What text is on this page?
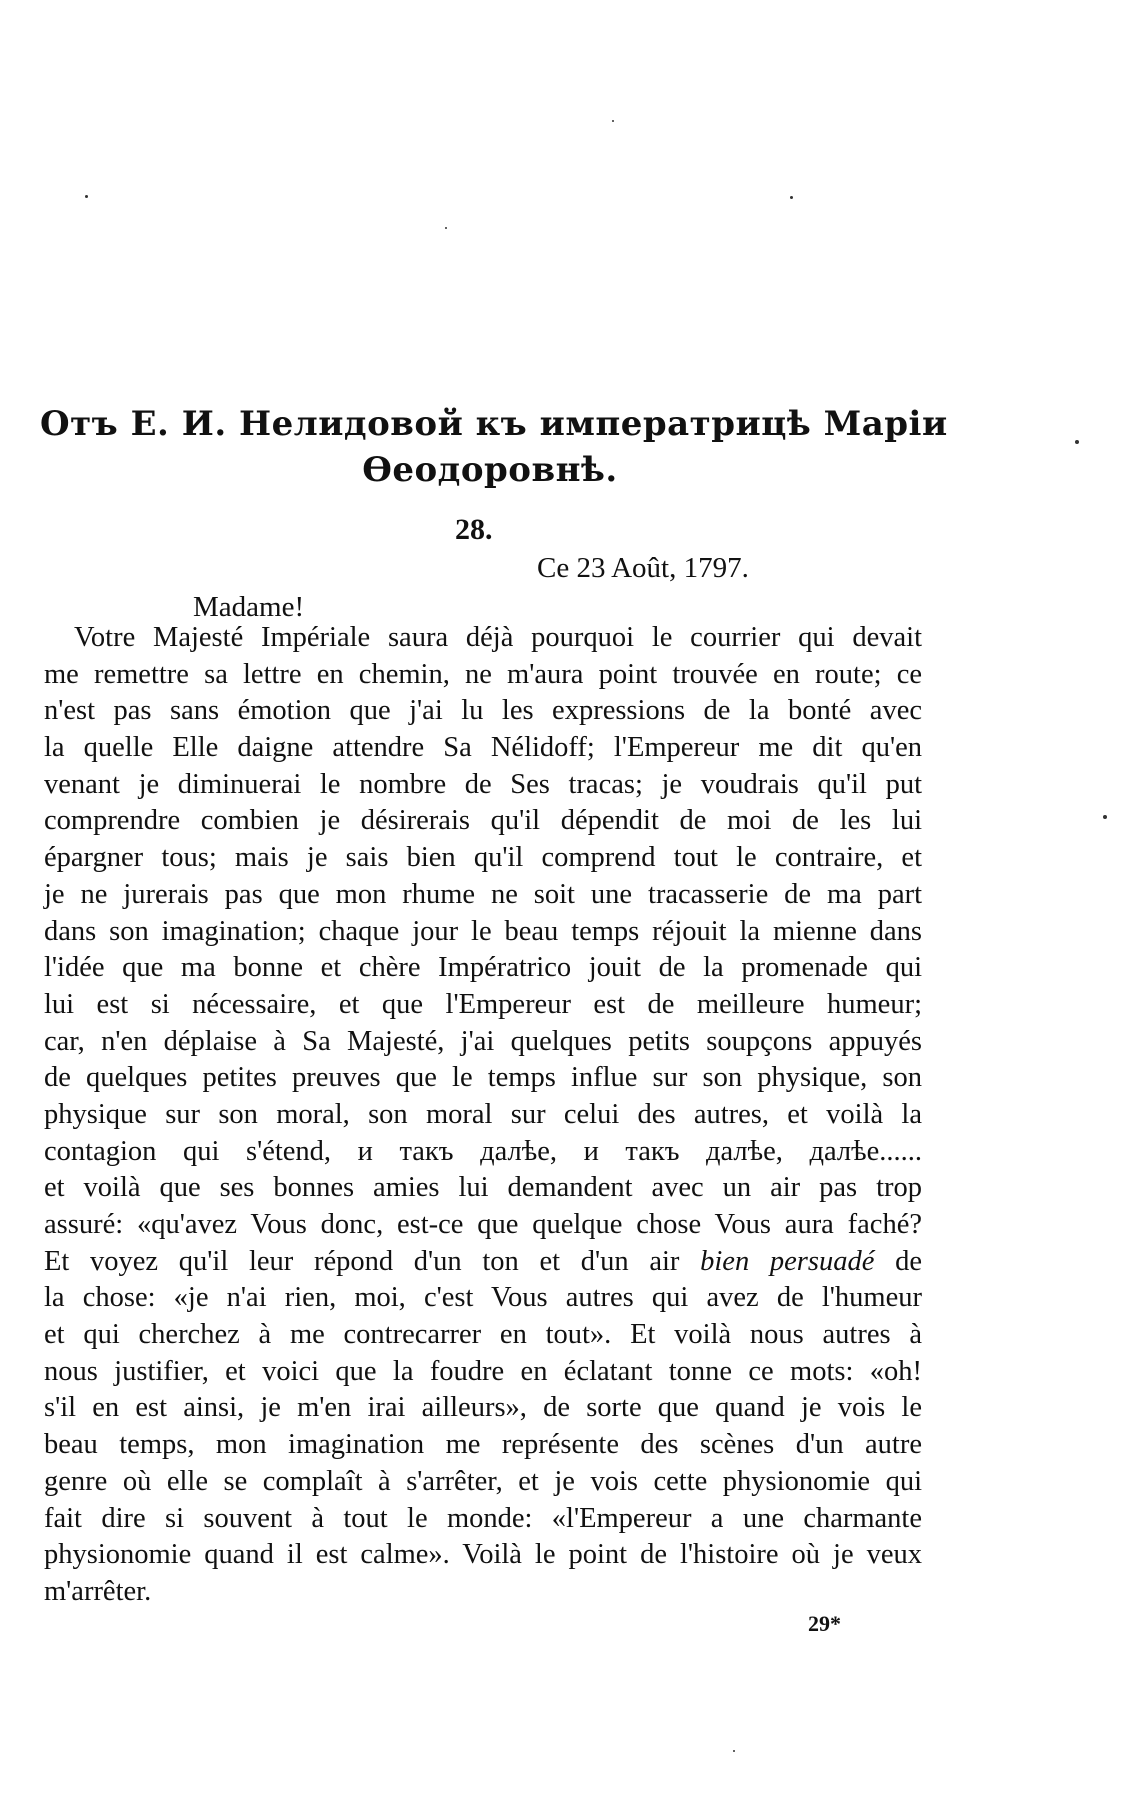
Отъ Е. И. Нелидовой къ императрицѣ Маріи
Ѳеодоровнѣ.
28.
Ce 23 Août, 1797.
Madame!
Votre Majesté Impériale saura déjà pourquoi le courrier qui devait
me remettre sa lettre en chemin, ne m'aura point trouvée en route; ce
n'est pas sans émotion que j'ai lu les expressions de la bonté avec
la quelle Elle daigne attendre Sa Nélidoff; l'Empereur me dit qu'en
venant je diminuerai le nombre de Ses tracas; je voudrais qu'il put
comprendre combien je désirerais qu'il dépendit de moi de les lui
épargner tous; mais je sais bien qu'il comprend tout le contraire, et
je ne jurerais pas que mon rhume ne soit une tracasserie de ma part
dans son imagination; chaque jour le beau temps réjouit la mienne dans
l'idée que ma bonne et chère Impératrico jouit de la promenade qui
lui est si nécessaire, et que l'Empereur est de meilleure humeur;
car, n'en déplaise à Sa Majesté, j'ai quelques petits soupçons appuyés
de quelques petites preuves que le temps influe sur son physique, son
physique sur son moral, son moral sur celui des autres, et voilà la
contagion qui s'étend, и такъ далѣе, и такъ далѣе, далѣе......
et voilà que ses bonnes amies lui demandent avec un air pas trop
assuré: «qu'avez Vous donc, est-ce que quelque chose Vous aura faché?
Et voyez qu'il leur répond d'un ton et d'un air bien persuadé de
la chose: «je n'ai rien, moi, c'est Vous autres qui avez de l'humeur
et qui cherchez à me contrecarrer en tout». Et voilà nous autres à
nous justifier, et voici que la foudre en éclatant tonne ce mots: «oh!
s'il en est ainsi, je m'en irai ailleurs», de sorte que quand je vois le
beau temps, mon imagination me représente des scènes d'un autre
genre où elle se complaît à s'arrêter, et je vois cette physionomie qui
fait dire si souvent à tout le monde: «l'Empereur a une charmante
physionomie quand il est calme». Voilà le point de l'histoire où je veux
m'arrêter.
29*
